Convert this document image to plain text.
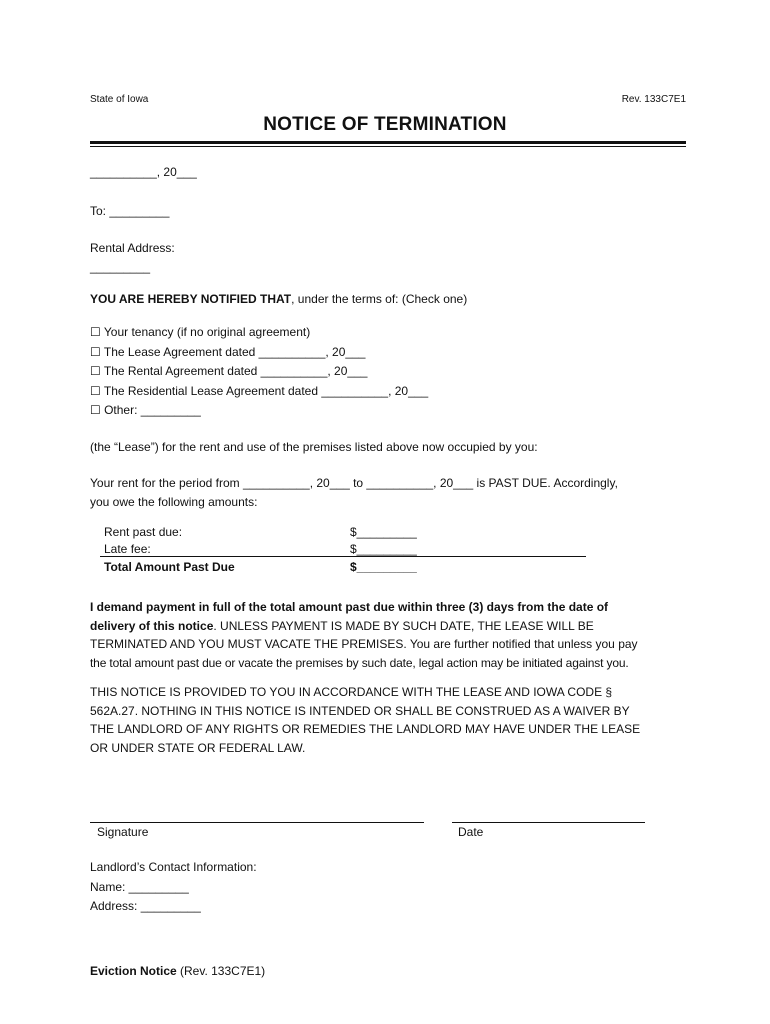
State of Iowa	Rev. 133C7E1
NOTICE OF TERMINATION
__________, 20___
To: _________
Rental Address:
_________
YOU ARE HEREBY NOTIFIED THAT, under the terms of: (Check one)
☐ Your tenancy (if no original agreement)
☐ The Lease Agreement dated __________, 20___
☐ The Rental Agreement dated __________, 20___
☐ The Residential Lease Agreement dated __________, 20___
☐ Other: _________
(the “Lease”) for the rent and use of the premises listed above now occupied by you:
Your rent for the period from __________, 20___ to __________, 20___ is PAST DUE. Accordingly,
you owe the following amounts:
Rent past due:	$_________
Late fee:	$_________
Total Amount Past Due	$_________
I demand payment in full of the total amount past due within three (3) days from the date of
delivery of this notice. UNLESS PAYMENT IS MADE BY SUCH DATE, THE LEASE WILL BE
TERMINATED AND YOU MUST VACATE THE PREMISES. You are further notified that unless you pay
the total amount past due or vacate the premises by such date, legal action may be initiated against you.
THIS NOTICE IS PROVIDED TO YOU IN ACCORDANCE WITH THE LEASE AND IOWA CODE §
562A.27. NOTHING IN THIS NOTICE IS INTENDED OR SHALL BE CONSTRUED AS A WAIVER BY
THE LANDLORD OF ANY RIGHTS OR REMEDIES THE LANDLORD MAY HAVE UNDER THE LEASE
OR UNDER STATE OR FEDERAL LAW.
Signature	Date
Landlord’s Contact Information:
Name: _________
Address: _________
Eviction Notice (Rev. 133C7E1)
